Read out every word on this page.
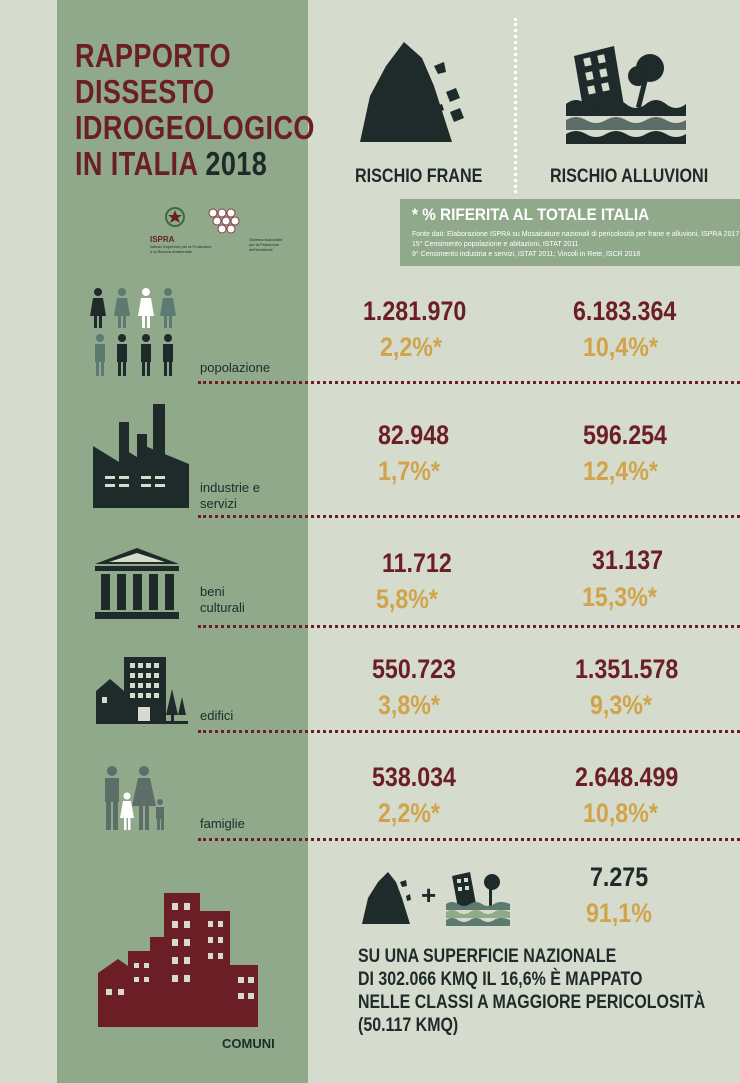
RAPPORTO
DISSESTO
IDROGEOLOGICO
IN ITALIA 2018
ISPRA
Istituto Superiore per la Protezione
e la Ricerca Ambientale
Sistema Nazionale
per la Protezione
dell'Ambiente
RISCHIO FRANE	RISCHIO ALLUVIONI
* % RIFERITA AL TOTALE ITALIA
Fonte dati: Elaborazione ISPRA su Mosaicature nazionali di pericolosità per frane e alluvioni, ISPRA 2017
15° Censimento popolazione e abitazioni, ISTAT 2011
9° Censimento industria e servizi, ISTAT 2011; Vincoli in Rete, ISCR 2018
popolazione
1.281.970
2,2%*
6.183.364
10,4%*
industrie e
servizi
82.948
1,7%*
596.254
12,4%*
beni
culturali
11.712
5,8%*
31.137
15,3%*
edifici
550.723
3,8%*
1.351.578
9,3%*
famiglie
538.034
2,2%*
2.648.499
10,8%*
COMUNI
+
7.275
91,1%
SU UNA SUPERFICIE NAZIONALE
DI 302.066 KMQ IL 16,6% È MAPPATO
NELLE CLASSI A MAGGIORE PERICOLOSITÀ
(50.117 KMQ)
